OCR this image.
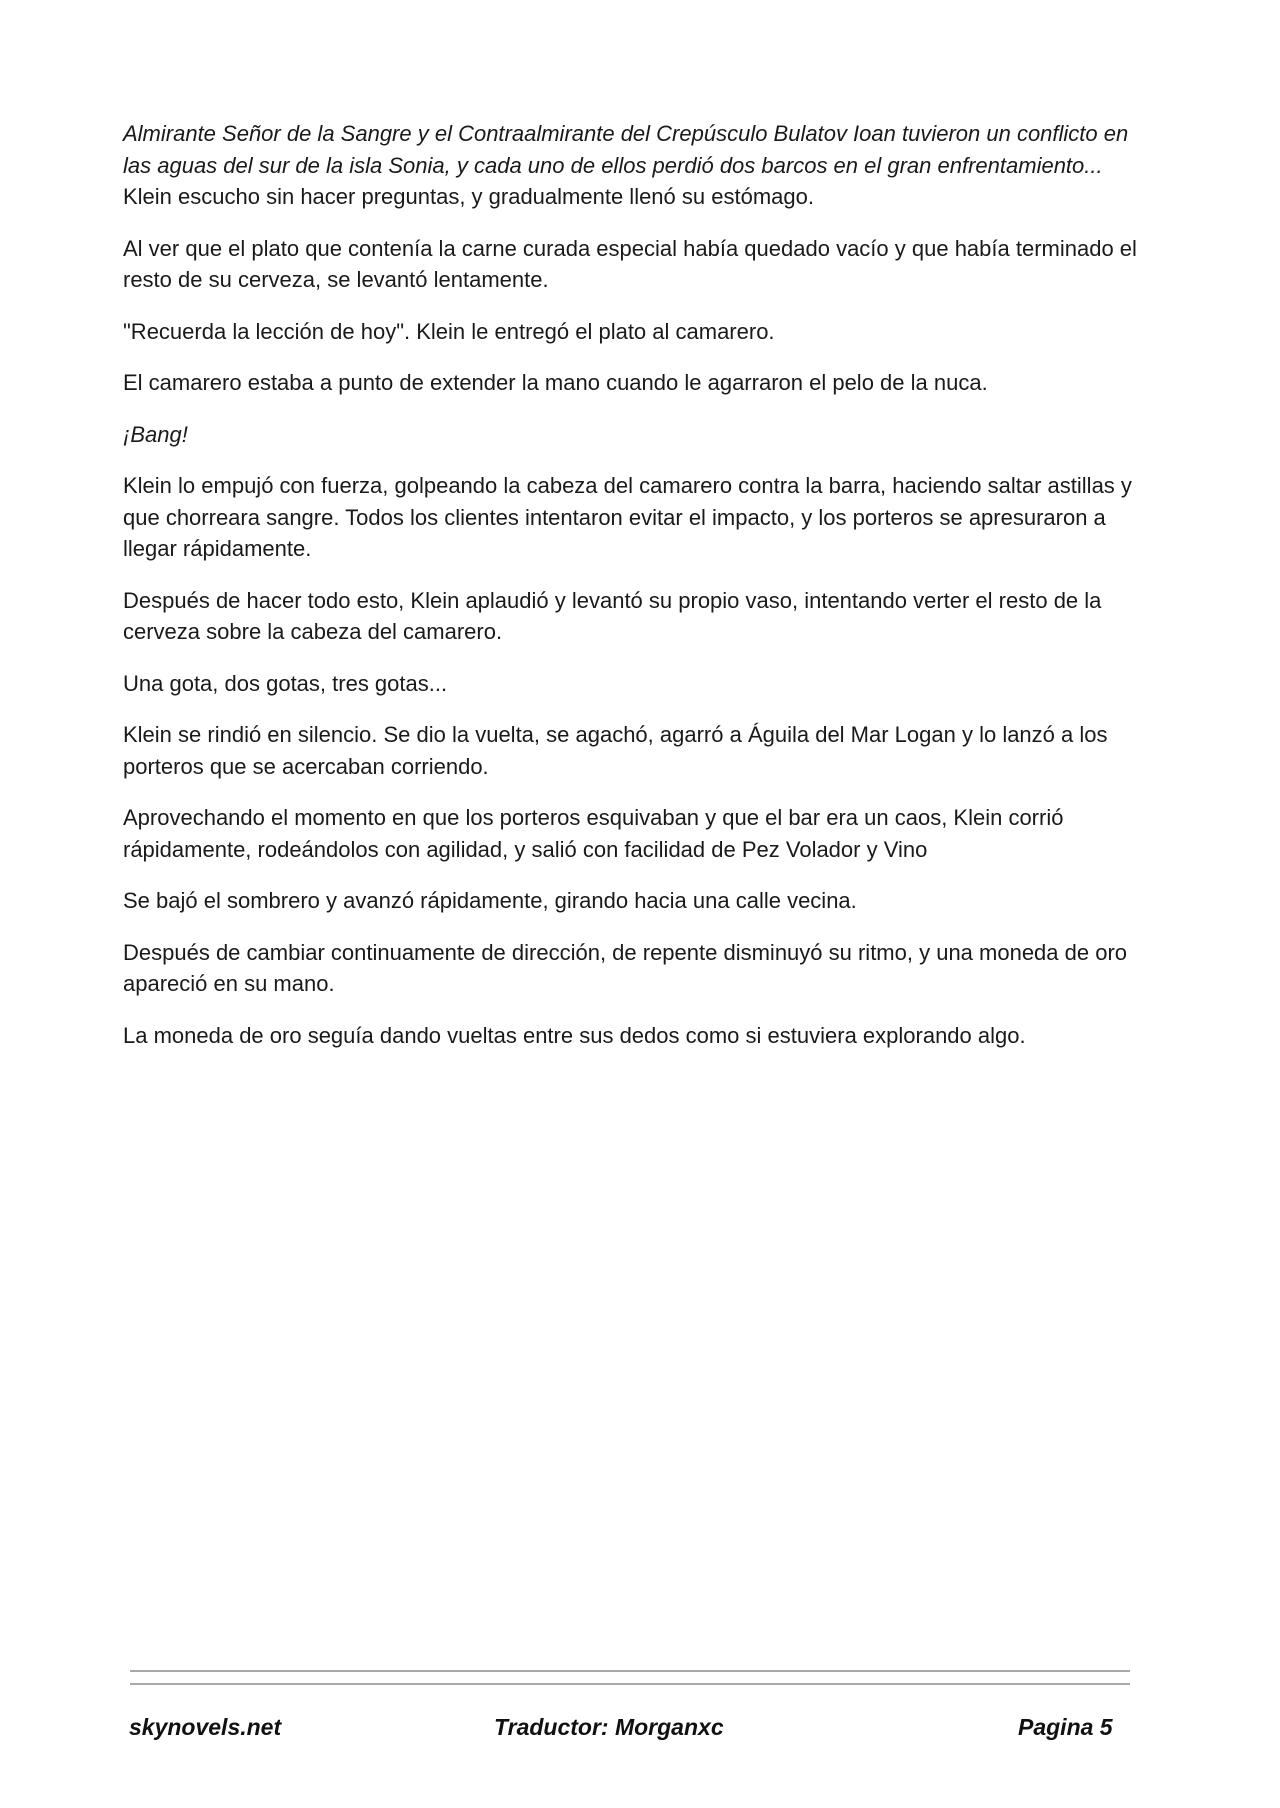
Almirante Señor de la Sangre y el Contraalmirante del Crepúsculo Bulatov Ioan tuvieron un conflicto en las aguas del sur de la isla Sonia, y cada uno de ellos perdió dos barcos en el gran enfrentamiento... Klein escucho sin hacer preguntas, y gradualmente llenó su estómago.

Al ver que el plato que contenía la carne curada especial había quedado vacío y que había terminado el resto de su cerveza, se levantó lentamente.

"Recuerda la lección de hoy". Klein le entregó el plato al camarero.

El camarero estaba a punto de extender la mano cuando le agarraron el pelo de la nuca.

¡Bang!

Klein lo empujó con fuerza, golpeando la cabeza del camarero contra la barra, haciendo saltar astillas y que chorreara sangre. Todos los clientes intentaron evitar el impacto, y los porteros se apresuraron a llegar rápidamente.

Después de hacer todo esto, Klein aplaudió y levantó su propio vaso, intentando verter el resto de la cerveza sobre la cabeza del camarero.

Una gota, dos gotas, tres gotas...

Klein se rindió en silencio. Se dio la vuelta, se agachó, agarró a Águila del Mar Logan y lo lanzó a los porteros que se acercaban corriendo.

Aprovechando el momento en que los porteros esquivaban y que el bar era un caos, Klein corrió rápidamente, rodeándolos con agilidad, y salió con facilidad de Pez Volador y Vino

Se bajó el sombrero y avanzó rápidamente, girando hacia una calle vecina.

Después de cambiar continuamente de dirección, de repente disminuyó su ritmo, y una moneda de oro apareció en su mano.

La moneda de oro seguía dando vueltas entre sus dedos como si estuviera explorando algo.

skynovels.net	Traductor: Morganxc	Pagina 5
